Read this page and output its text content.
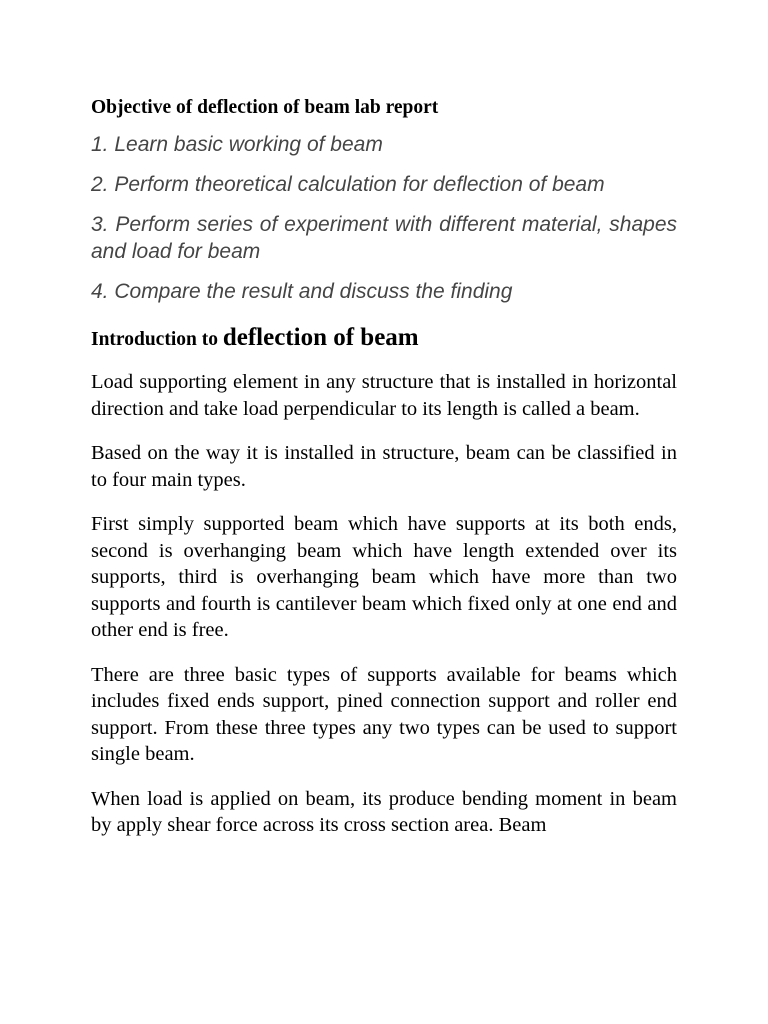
Objective of deflection of beam lab report

1. Learn basic working of beam

2. Perform theoretical calculation for deflection of beam

3. Perform series of experiment with different material, shapes and load for beam

4. Compare the result and discuss the finding

Introduction to deflection of beam

Load supporting element in any structure that is installed in horizontal direction and take load perpendicular to its length is called a beam.

Based on the way it is installed in structure, beam can be classified in to four main types.

First simply supported beam which have supports at its both ends, second is overhanging beam which have length extended over its supports, third is overhanging beam which have more than two supports and fourth is cantilever beam which fixed only at one end and other end is free.

There are three basic types of supports available for beams which includes fixed ends support, pined connection support and roller end support. From these three types any two types can be used to support single beam.

When load is applied on beam, its produce bending moment in beam by apply shear force across its cross section area. Beam
